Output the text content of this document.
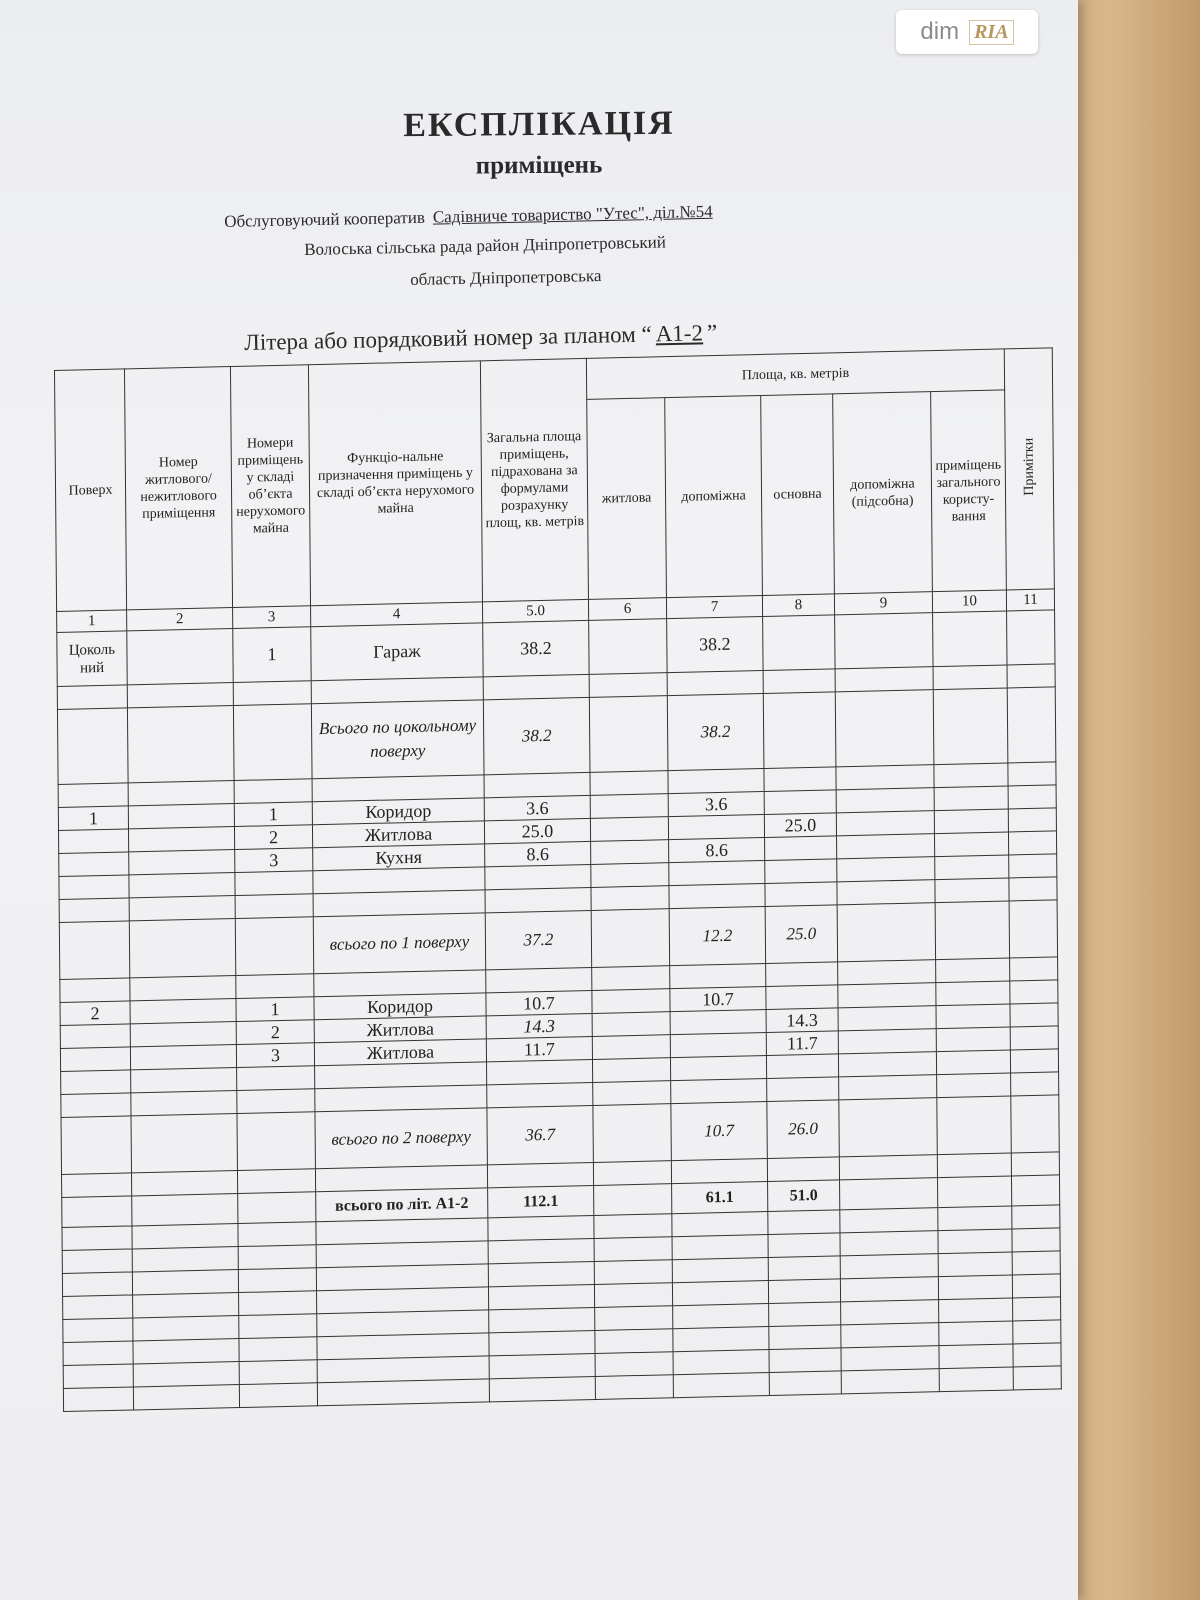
dim RIA
ЕКСПЛІКАЦІЯ
приміщень
Обслуговуючий кооператив Садівниче товариство "Утес", діл.№54
Волоська сільська рада район Дніпропетровський
область Дніпропетровська
Літера або порядковий номер за планом “ А1-2 ”
Поверх	Номер житлового/ нежитлового приміщення	Номери приміщень у складі об’єкта нерухомого майна	Функціо-нальне призначення приміщень у складі об’єкта нерухомого майна	Загальна площа приміщень, підрахована за формулами розрахунку площ, кв. метрів	Площа, кв. метрів					Примітки
					житлова	допоміжна	основна	допоміжна (підсобна)	приміщень загального користу-вання	
1	2	3	4	5.0	6	7	8	9	10	11
Цоколь ний		1	Гараж	38.2		38.2				

			Всього по цокольному поверху	38.2		38.2				

1		1	Коридор	3.6		3.6				
		2	Житлова	25.0			25.0			
		3	Кухня	8.6		8.6				

			всього по 1 поверху	37.2		12.2	25.0			

2		1	Коридор	10.7		10.7				
		2	Житлова	14.3			14.3			
		3	Житлова	11.7			11.7			

			всього по 2 поверху	36.7		10.7	26.0			

			всього по літ. А1-2	112.1		61.1	51.0			
